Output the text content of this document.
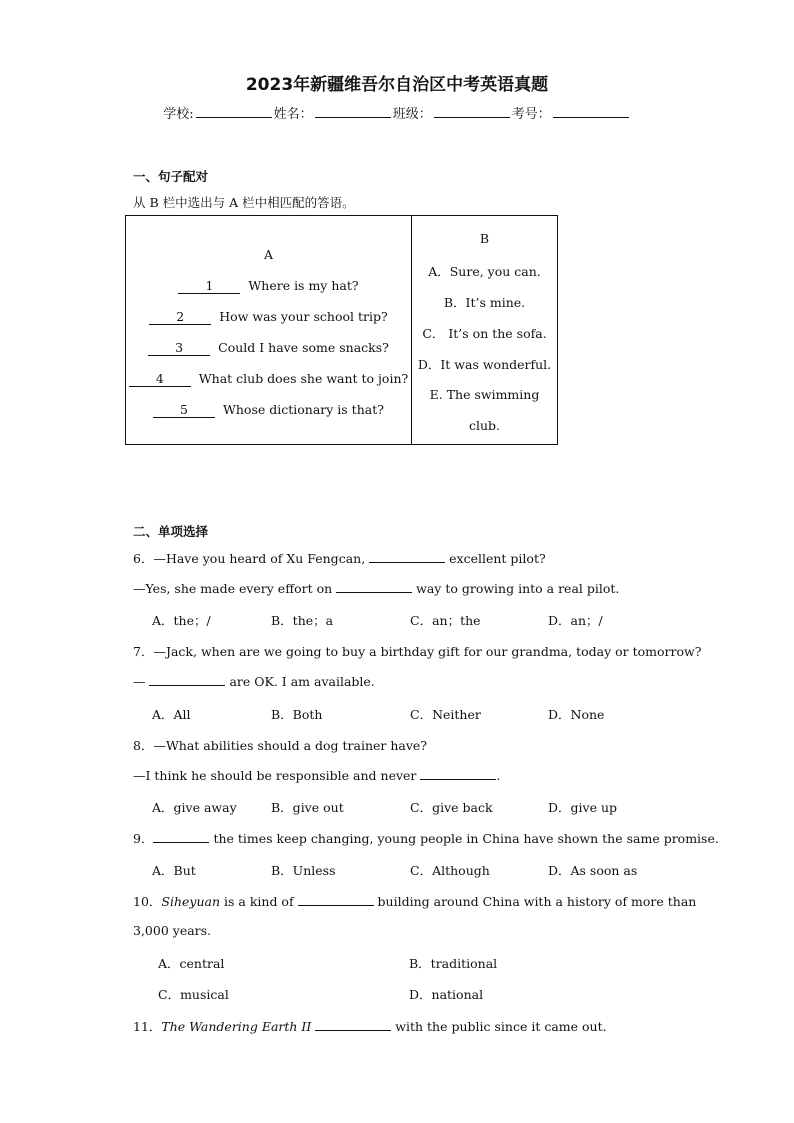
2023年新疆维吾尔自治区中考英语真题
学校:	姓名：	班级：	考号：
一、句子配对
从 B 栏中选出与 A 栏中相匹配的答语。
A
1	Where is my hat?
2	How was your school trip?
3	Could I have some snacks?
4	What club does she want to join?
5	Whose dictionary is that?
B
A．Sure, you can.
B．It’s mine.
C． It’s on the sofa.
D．It was wonderful.
E. The swimming
club.
二、单项选择
6．—Have you heard of Xu Fengcan,	excellent pilot?
—Yes, she made every effort on	way to growing into a real pilot.
A．the；/	B．the；a	C．an；the	D．an；/
7．—Jack, when are we going to buy a birthday gift for our grandma, today or tomorrow?
—	are OK. I am available.
A．All	B．Both	C．Neither	D．None
8．—What abilities should a dog trainer have?
—I think he should be responsible and never	.
A．give away	B．give out	C．give back	D．give up
9．	the times keep changing, young people in China have shown the same promise.
A．But	B．Unless	C．Although	D．As soon as
10．Siheyuan is a kind of	building around China with a history of more than
3,000 years.
A．central	B．traditional
C．musical	D．national
11．The Wandering Earth II	with the public since it came out.
